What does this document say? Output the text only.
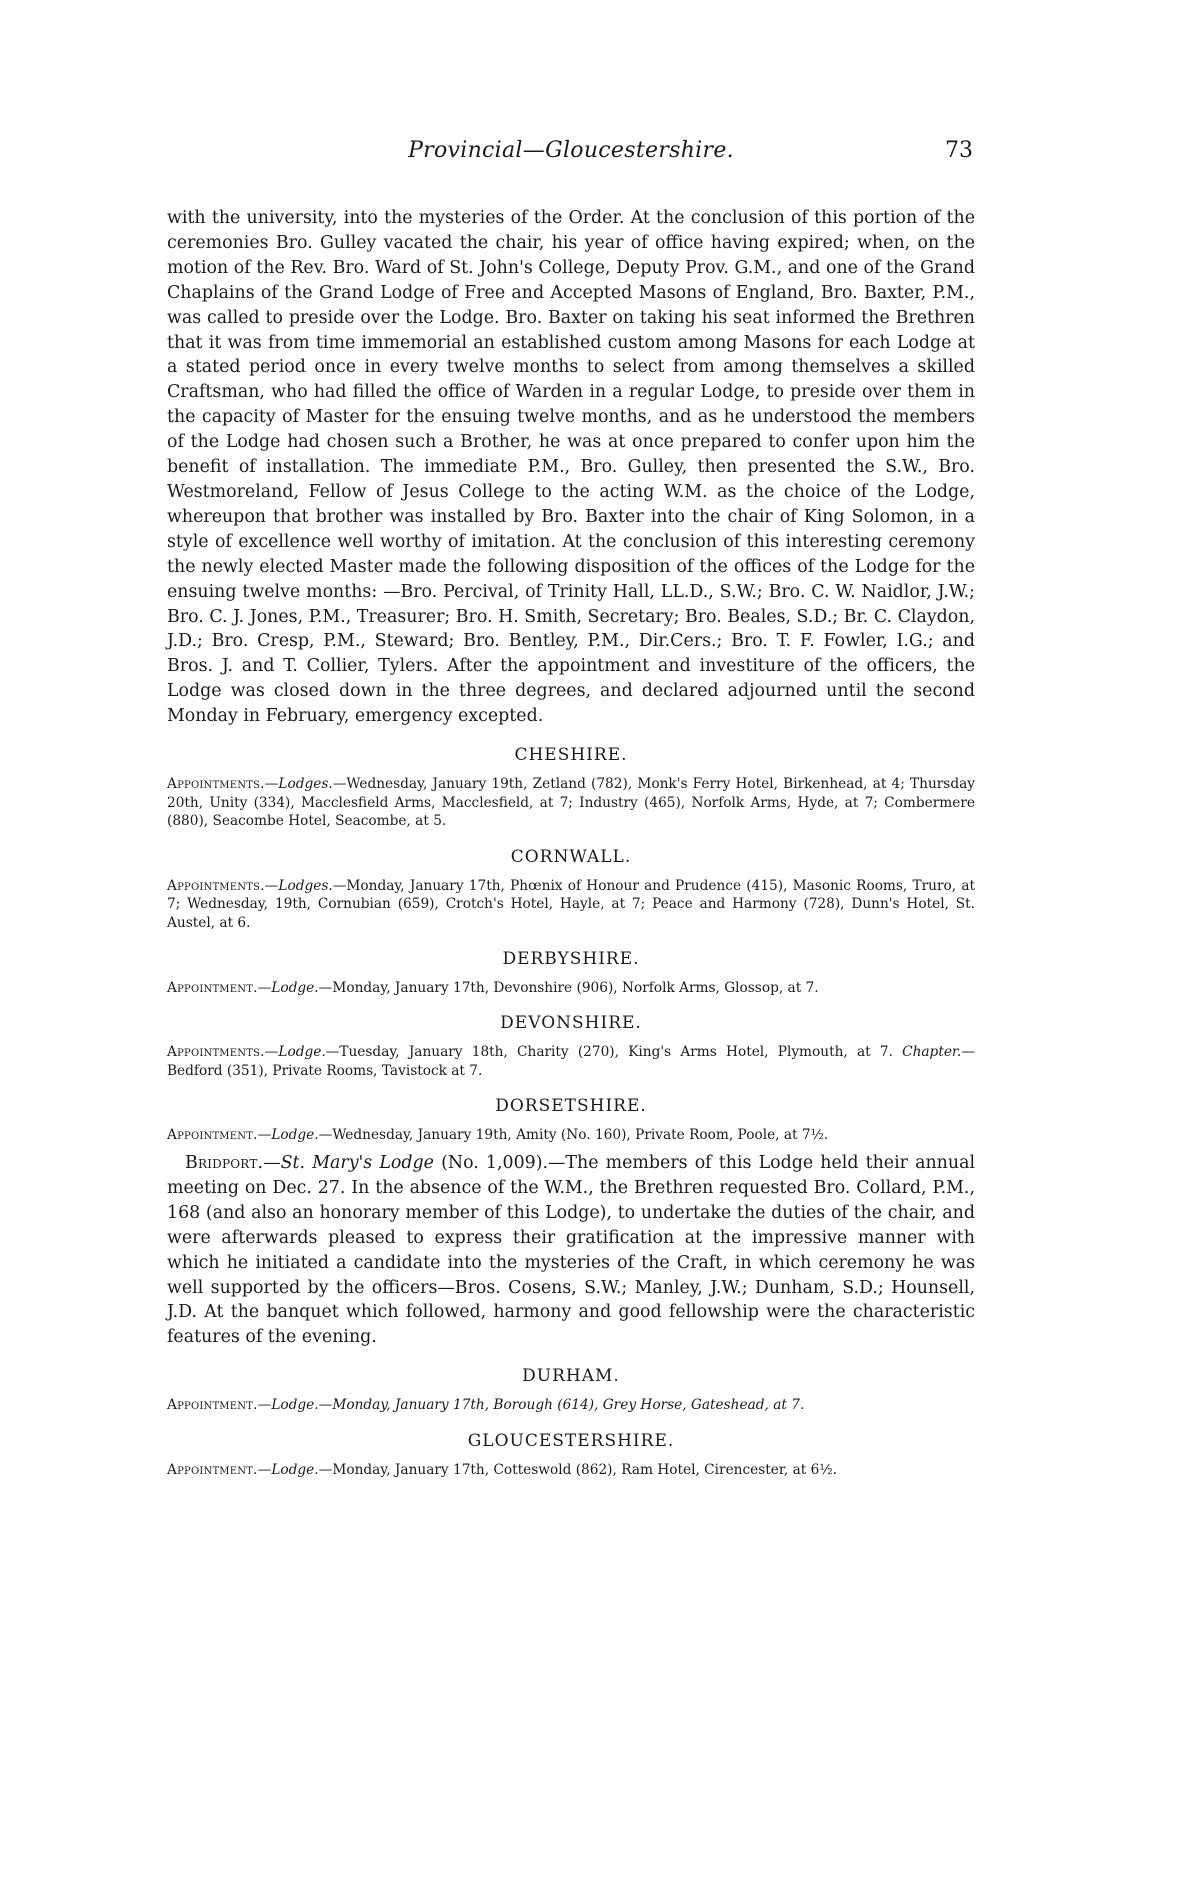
Provincial—Gloucestershire.	73

with the university, into the mysteries of the Order. At the conclusion of this portion of the ceremonies Bro. Gulley vacated the chair, his year of office having expired; when, on the motion of the Rev. Bro. Ward of St. John's College, Deputy Prov. G.M., and one of the Grand Chaplains of the Grand Lodge of Free and Accepted Masons of England, Bro. Baxter, P.M., was called to preside over the Lodge. Bro. Baxter on taking his seat informed the Brethren that it was from time immemorial an established custom among Masons for each Lodge at a stated period once in every twelve months to select from among themselves a skilled Craftsman, who had filled the office of Warden in a regular Lodge, to preside over them in the capacity of Master for the ensuing twelve months, and as he understood the members of the Lodge had chosen such a Brother, he was at once prepared to confer upon him the benefit of installation. The immediate P.M., Bro. Gulley, then presented the S.W., Bro. Westmoreland, Fellow of Jesus College to the acting W.M. as the choice of the Lodge, whereupon that brother was installed by Bro. Baxter into the chair of King Solomon, in a style of excellence well worthy of imitation. At the conclusion of this interesting ceremony the newly elected Master made the following disposition of the offices of the Lodge for the ensuing twelve months: —Bro. Percival, of Trinity Hall, LL.D., S.W.; Bro. C. W. Naidlor, J.W.; Bro. C. J. Jones, P.M., Treasurer; Bro. H. Smith, Secretary; Bro. Beales, S.D.; Br. C. Claydon, J.D.; Bro. Cresp, P.M., Steward; Bro. Bentley, P.M., Dir.Cers.; Bro. T. F. Fowler, I.G.; and Bros. J. and T. Collier, Tylers. After the appointment and investiture of the officers, the Lodge was closed down in the three degrees, and declared adjourned until the second Monday in February, emergency excepted.

CHESHIRE.

Appointments.—Lodges.—Wednesday, January 19th, Zetland (782), Monk's Ferry Hotel, Birkenhead, at 4; Thursday 20th, Unity (334), Macclesfield Arms, Macclesfield, at 7; Industry (465), Norfolk Arms, Hyde, at 7; Combermere (880), Seacombe Hotel, Seacombe, at 5.

CORNWALL.

Appointments.—Lodges.—Monday, January 17th, Phœnix of Honour and Prudence (415), Masonic Rooms, Truro, at 7; Wednesday, 19th, Cornubian (659), Crotch's Hotel, Hayle, at 7; Peace and Harmony (728), Dunn's Hotel, St. Austel, at 6.

DERBYSHIRE.

Appointment.—Lodge.—Monday, January 17th, Devonshire (906), Norfolk Arms, Glossop, at 7.

DEVONSHIRE.

Appointments.—Lodge.—Tuesday, January 18th, Charity (270), King's Arms Hotel, Plymouth, at 7. Chapter.—Bedford (351), Private Rooms, Tavistock at 7.

DORSETSHIRE.

Appointment.—Lodge.—Wednesday, January 19th, Amity (No. 160), Private Room, Poole, at 7½.

Bridport.—St. Mary's Lodge (No. 1,009).—The members of this Lodge held their annual meeting on Dec. 27. In the absence of the W.M., the Brethren requested Bro. Collard, P.M., 168 (and also an honorary member of this Lodge), to undertake the duties of the chair, and were afterwards pleased to express their gratification at the impressive manner with which he initiated a candidate into the mysteries of the Craft, in which ceremony he was well supported by the officers—Bros. Cosens, S.W.; Manley, J.W.; Dunham, S.D.; Hounsell, J.D. At the banquet which followed, harmony and good fellowship were the characteristic features of the evening.

DURHAM.

Appointment.—Lodge.—Monday, January 17th, Borough (614), Grey Horse, Gateshead, at 7.

GLOUCESTERSHIRE.

Appointment.—Lodge.—Monday, January 17th, Cotteswold (862), Ram Hotel, Cirencester, at 6½.
